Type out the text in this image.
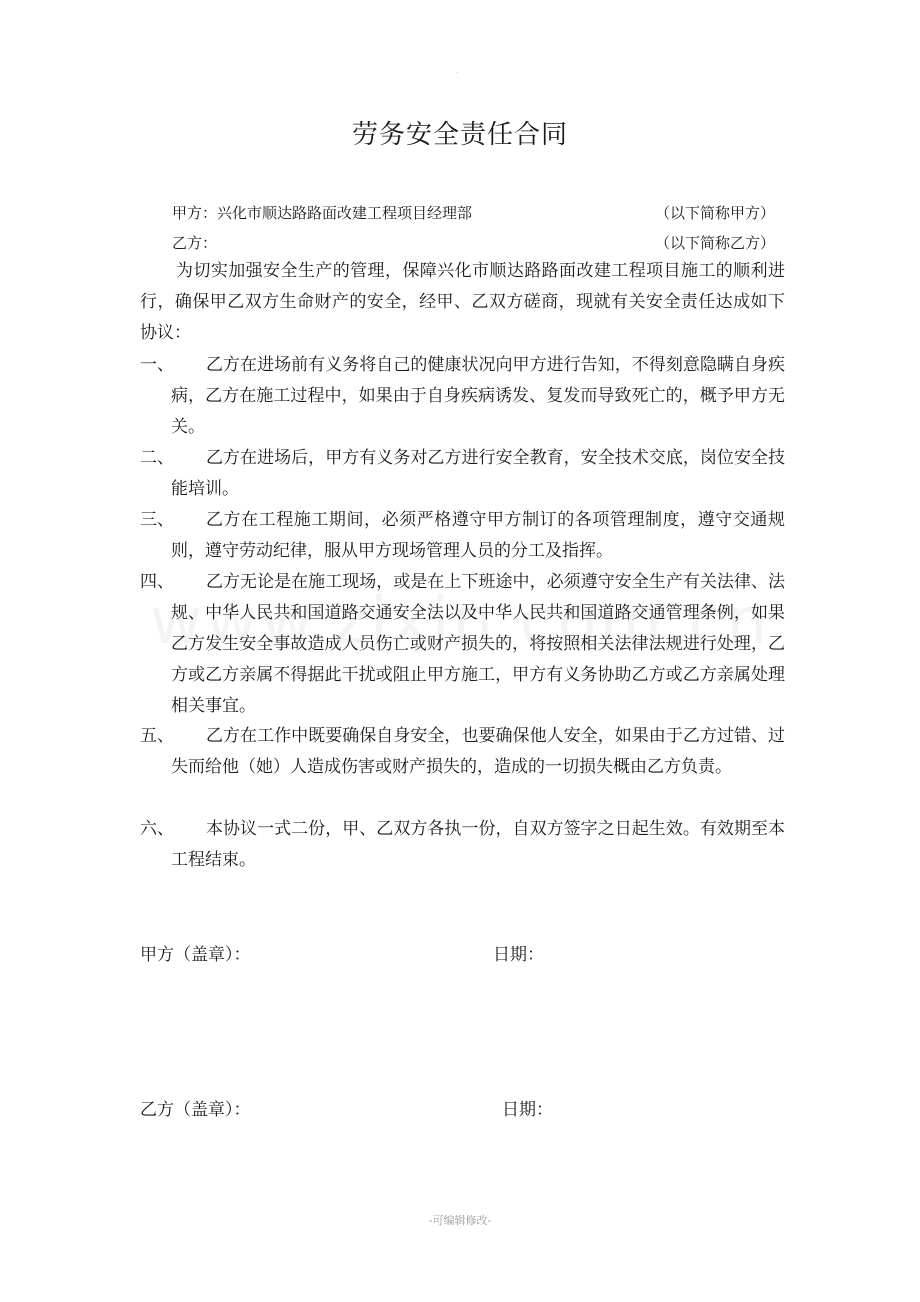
.
劳务安全责任合同
甲方：兴化市顺达路路面改建工程项目经理部	（以下简称甲方）
乙方：	（以下简称乙方）
为切实加强安全生产的管理，保障兴化市顺达路路面改建工程项目施工的顺利进行，确保甲乙双方生命财产的安全，经甲、乙双方磋商，现就有关安全责任达成如下协议：
一、	乙方在进场前有义务将自己的健康状况向甲方进行告知，不得刻意隐瞒自身疾病，乙方在施工过程中，如果由于自身疾病诱发、复发而导致死亡的，概予甲方无关。
二、	乙方在进场后，甲方有义务对乙方进行安全教育，安全技术交底，岗位安全技能培训。
三、	乙方在工程施工期间，必须严格遵守甲方制订的各项管理制度，遵守交通规则，遵守劳动纪律，服从甲方现场管理人员的分工及指挥。
四、	乙方无论是在施工现场，或是在上下班途中，必须遵守安全生产有关法律、法规、中华人民共和国道路交通安全法以及中华人民共和国道路交通管理条例，如果乙方发生安全事故造成人员伤亡或财产损失的，将按照相关法律法规进行处理，乙方或乙方亲属不得据此干扰或阻止甲方施工，甲方有义务协助乙方或乙方亲属处理相关事宜。
五、	乙方在工作中既要确保自身安全，也要确保他人安全，如果由于乙方过错、过失而给他（她）人造成伤害或财产损失的，造成的一切损失概由乙方负责。
六、	本协议一式二份，甲、乙双方各执一份，自双方签字之日起生效。有效期至本工程结束。
甲方（盖章）：	日期：
乙方（盖章）：	日期：
-可编辑修改-
